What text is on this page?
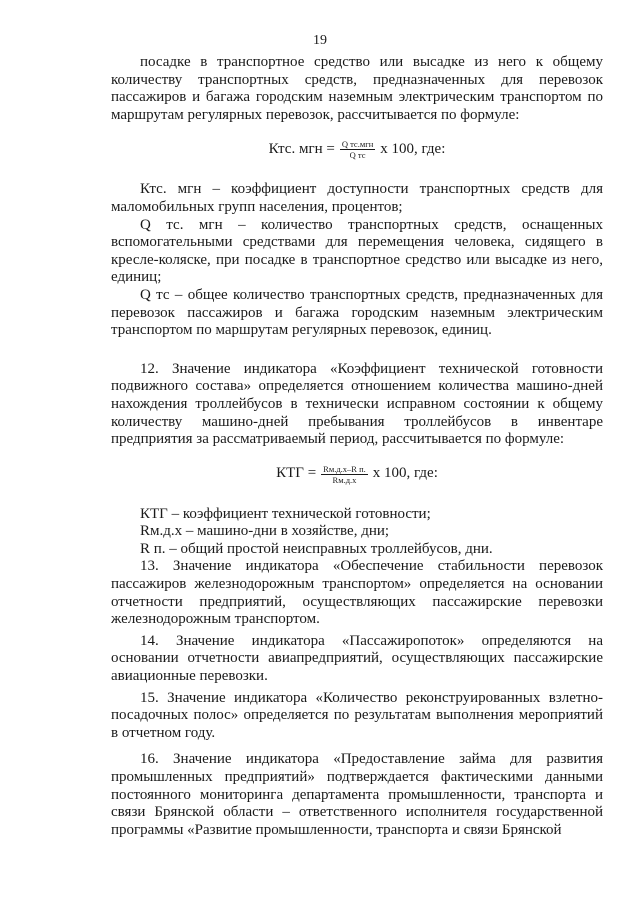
19

посадке в транспортное средство или высадке из него к общему количеству транспортных средств, предназначенных для перевозок пассажиров и багажа городским наземным электрическим транспортом по маршрутам регулярных перевозок, рассчитывается по формуле:

Ктс. мгн = $\frac{\text{Q тс.мгн}}{\text{Q тс}}$ х 100, где:

Ктс. мгн – коэффициент доступности транспортных средств для маломобильных групп населения, процентов;

Q тс. мгн – количество транспортных средств, оснащенных вспомогательными средствами для перемещения человека, сидящего в кресле-коляске, при посадке в транспортное средство или высадке из него, единиц;

Q тс – общее количество транспортных средств, предназначенных для перевозок пассажиров и багажа городским наземным электрическим транспортом по маршрутам регулярных перевозок, единиц.

12. Значение индикатора «Коэффициент технической готовности подвижного состава» определяется отношением количества машино-дней нахождения троллейбусов в технически исправном состоянии к общему количеству машино-дней пребывания троллейбусов в инвентаре предприятия за рассматриваемый период, рассчитывается по формуле:

КТГ = $\frac{\text{Rм.д.х–R п.}}{Rм.д.х}$ х 100, где:

КТГ – коэффициент технической готовности;

Rм.д.х – машино-дни в хозяйстве, дни;

R п. – общий простой неисправных троллейбусов, дни.

13. Значение индикатора «Обеспечение стабильности перевозок пассажиров железнодорожным транспортом» определяется на основании отчетности предприятий, осуществляющих пассажирские перевозки железнодорожным транспортом.

14. Значение индикатора «Пассажиропоток» определяются на основании отчетности авиапредприятий, осуществляющих пассажирские авиационные перевозки.

15. Значение индикатора «Количество реконструированных взлетно-посадочных полос» определяется по результатам выполнения мероприятий в отчетном году.

16. Значение индикатора «Предоставление займа для развития промышленных предприятий» подтверждается фактическими данными постоянного мониторинга департамента промышленности, транспорта и связи Брянской области – ответственного исполнителя государственной программы «Развитие промышленности, транспорта и связи Брянской
